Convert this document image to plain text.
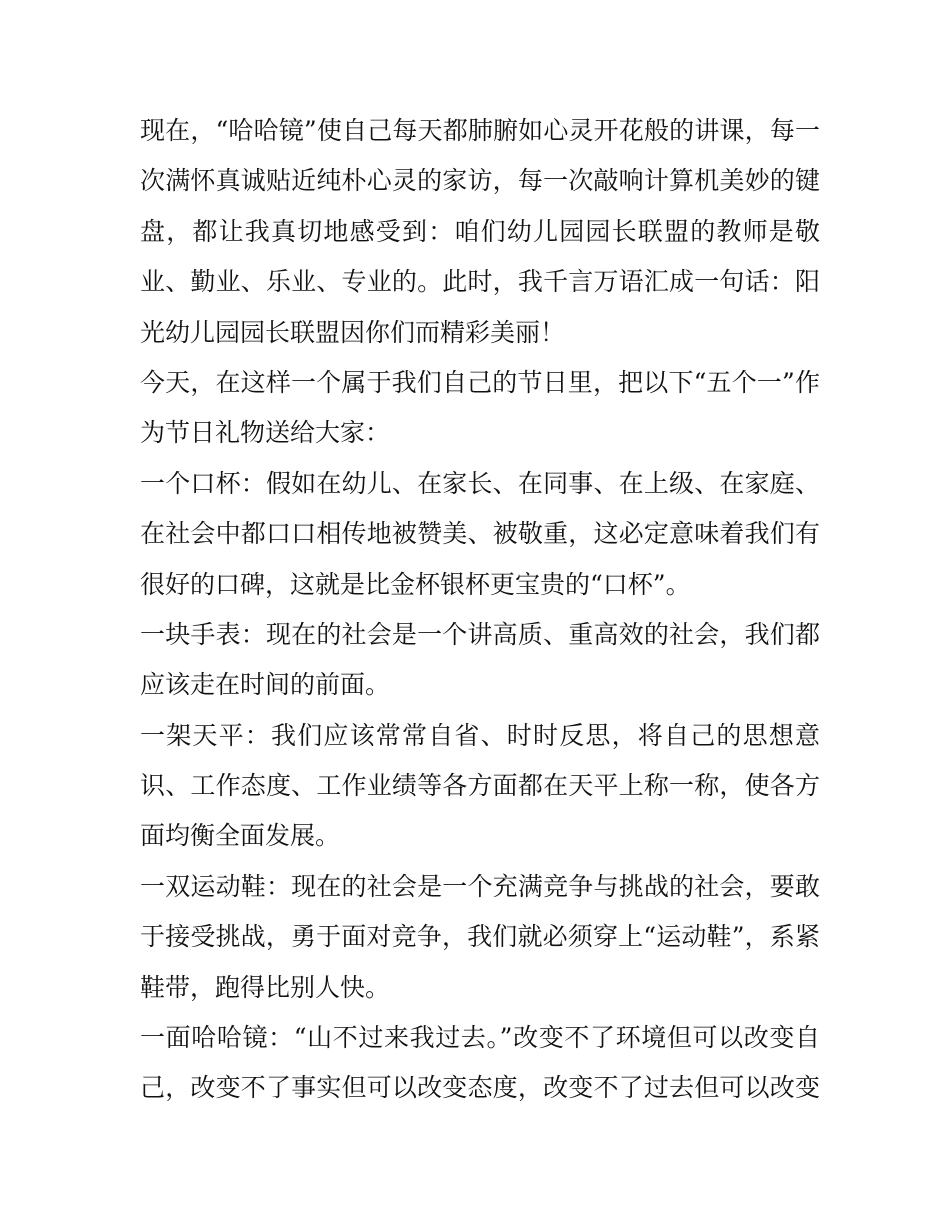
现在，“哈哈镜”使自己每天都肺腑如心灵开花般的讲课，每一
次满怀真诚贴近纯朴心灵的家访，每一次敲响计算机美妙的键
盘，都让我真切地感受到：咱们幼儿园园长联盟的教师是敬
业、勤业、乐业、专业的。此时，我千言万语汇成一句话：阳
光幼儿园园长联盟因你们而精彩美丽！
今天，在这样一个属于我们自己的节日里，把以下“五个一”作
为节日礼物送给大家：
一个口杯：假如在幼儿、在家长、在同事、在上级、在家庭、
在社会中都口口相传地被赞美、被敬重，这必定意味着我们有
很好的口碑，这就是比金杯银杯更宝贵的“口杯”。
一块手表：现在的社会是一个讲高质、重高效的社会，我们都
应该走在时间的前面。
一架天平：我们应该常常自省、时时反思，将自己的思想意
识、工作态度、工作业绩等各方面都在天平上称一称，使各方
面均衡全面发展。
一双运动鞋：现在的社会是一个充满竞争与挑战的社会，要敢
于接受挑战，勇于面对竞争，我们就必须穿上“运动鞋”，系紧
鞋带，跑得比别人快。
一面哈哈镜：“山不过来我过去。”改变不了环境但可以改变自
己，改变不了事实但可以改变态度，改变不了过去但可以改变
